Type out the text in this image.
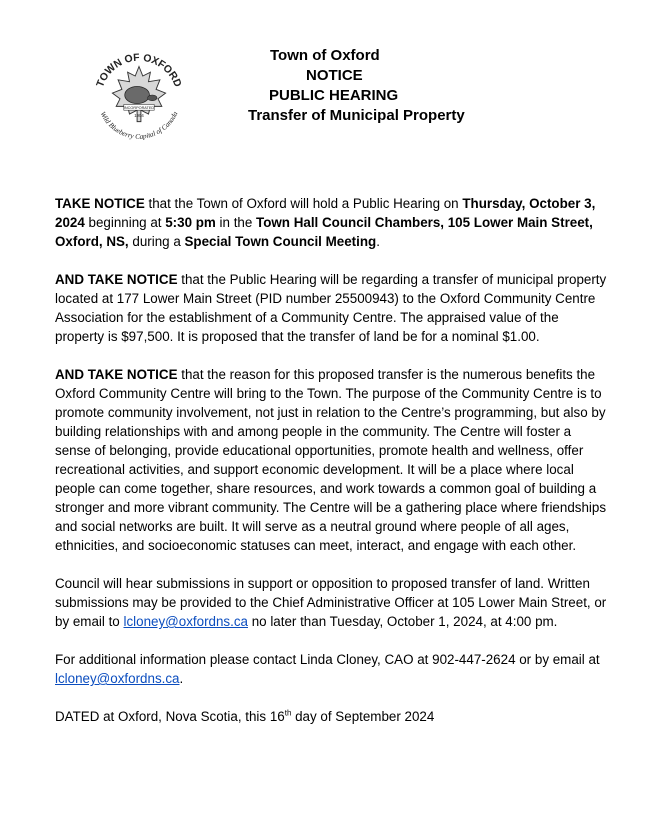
TOWN OF OXFORD
Wild Blueberry Capital of Canada
INCORPORATED
1904
Town of Oxford
NOTICE
PUBLIC HEARING
Transfer of Municipal Property

TAKE NOTICE that the Town of Oxford will hold a Public Hearing on Thursday, October 3, 2024 beginning at 5:30 pm in the Town Hall Council Chambers, 105 Lower Main Street, Oxford, NS, during a Special Town Council Meeting.

AND TAKE NOTICE that the Public Hearing will be regarding a transfer of municipal property located at 177 Lower Main Street (PID number 25500943) to the Oxford Community Centre Association for the establishment of a Community Centre. The appraised value of the property is $97,500. It is proposed that the transfer of land be for a nominal $1.00.

AND TAKE NOTICE that the reason for this proposed transfer is the numerous benefits the Oxford Community Centre will bring to the Town. The purpose of the Community Centre is to promote community involvement, not just in relation to the Centre’s programming, but also by building relationships with and among people in the community. The Centre will foster a sense of belonging, provide educational opportunities, promote health and wellness, offer recreational activities, and support economic development. It will be a place where local people can come together, share resources, and work towards a common goal of building a stronger and more vibrant community. The Centre will be a gathering place where friendships and social networks are built. It will serve as a neutral ground where people of all ages, ethnicities, and socioeconomic statuses can meet, interact, and engage with each other.

Council will hear submissions in support or opposition to proposed transfer of land. Written submissions may be provided to the Chief Administrative Officer at 105 Lower Main Street, or by email to lcloney@oxfordns.ca no later than Tuesday, October 1, 2024, at 4:00 pm.

For additional information please contact Linda Cloney, CAO at 902-447-2624 or by email at lcloney@oxfordns.ca.

DATED at Oxford, Nova Scotia, this 16th day of September 2024
